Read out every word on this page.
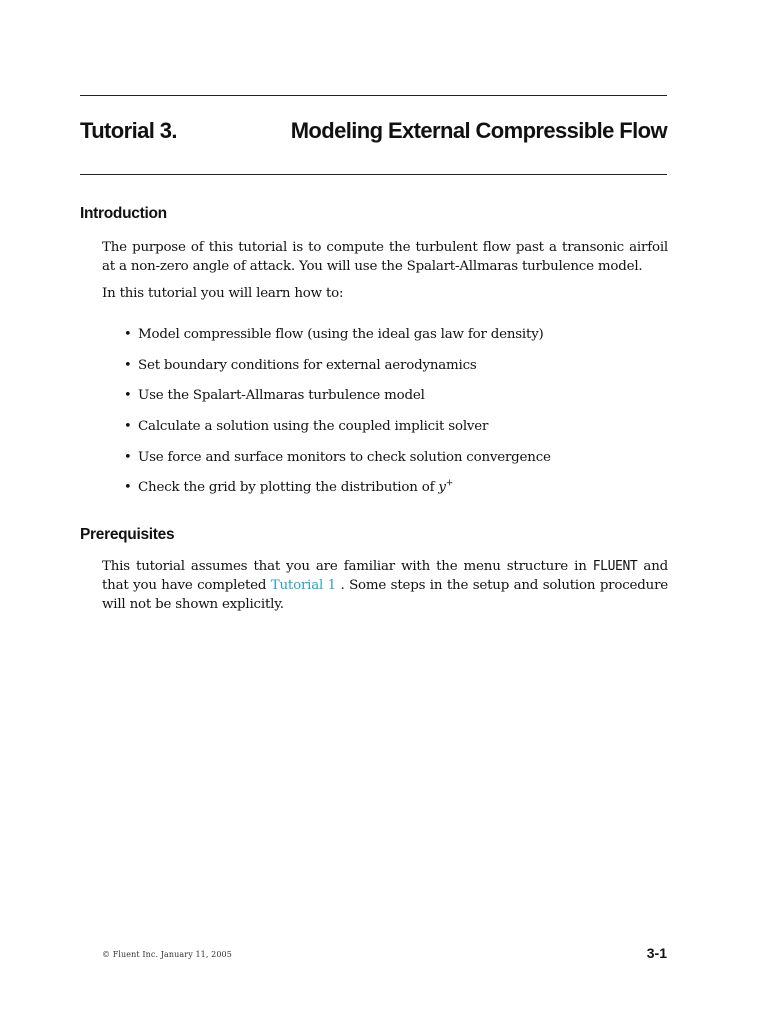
Tutorial 3.	Modeling External Compressible Flow
Introduction

The purpose of this tutorial is to compute the turbulent flow past a transonic airfoil at a non-zero angle of attack. You will use the Spalart-Allmaras turbulence model.

In this tutorial you will learn how to:

• Model compressible flow (using the ideal gas law for density)
• Set boundary conditions for external aerodynamics
• Use the Spalart-Allmaras turbulence model
• Calculate a solution using the coupled implicit solver
• Use force and surface monitors to check solution convergence
• Check the grid by plotting the distribution of y+
Prerequisites

This tutorial assumes that you are familiar with the menu structure in FLUENT and that you have completed Tutorial 1 . Some steps in the setup and solution procedure will not be shown explicitly.

© Fluent Inc. January 11, 2005	3-1
